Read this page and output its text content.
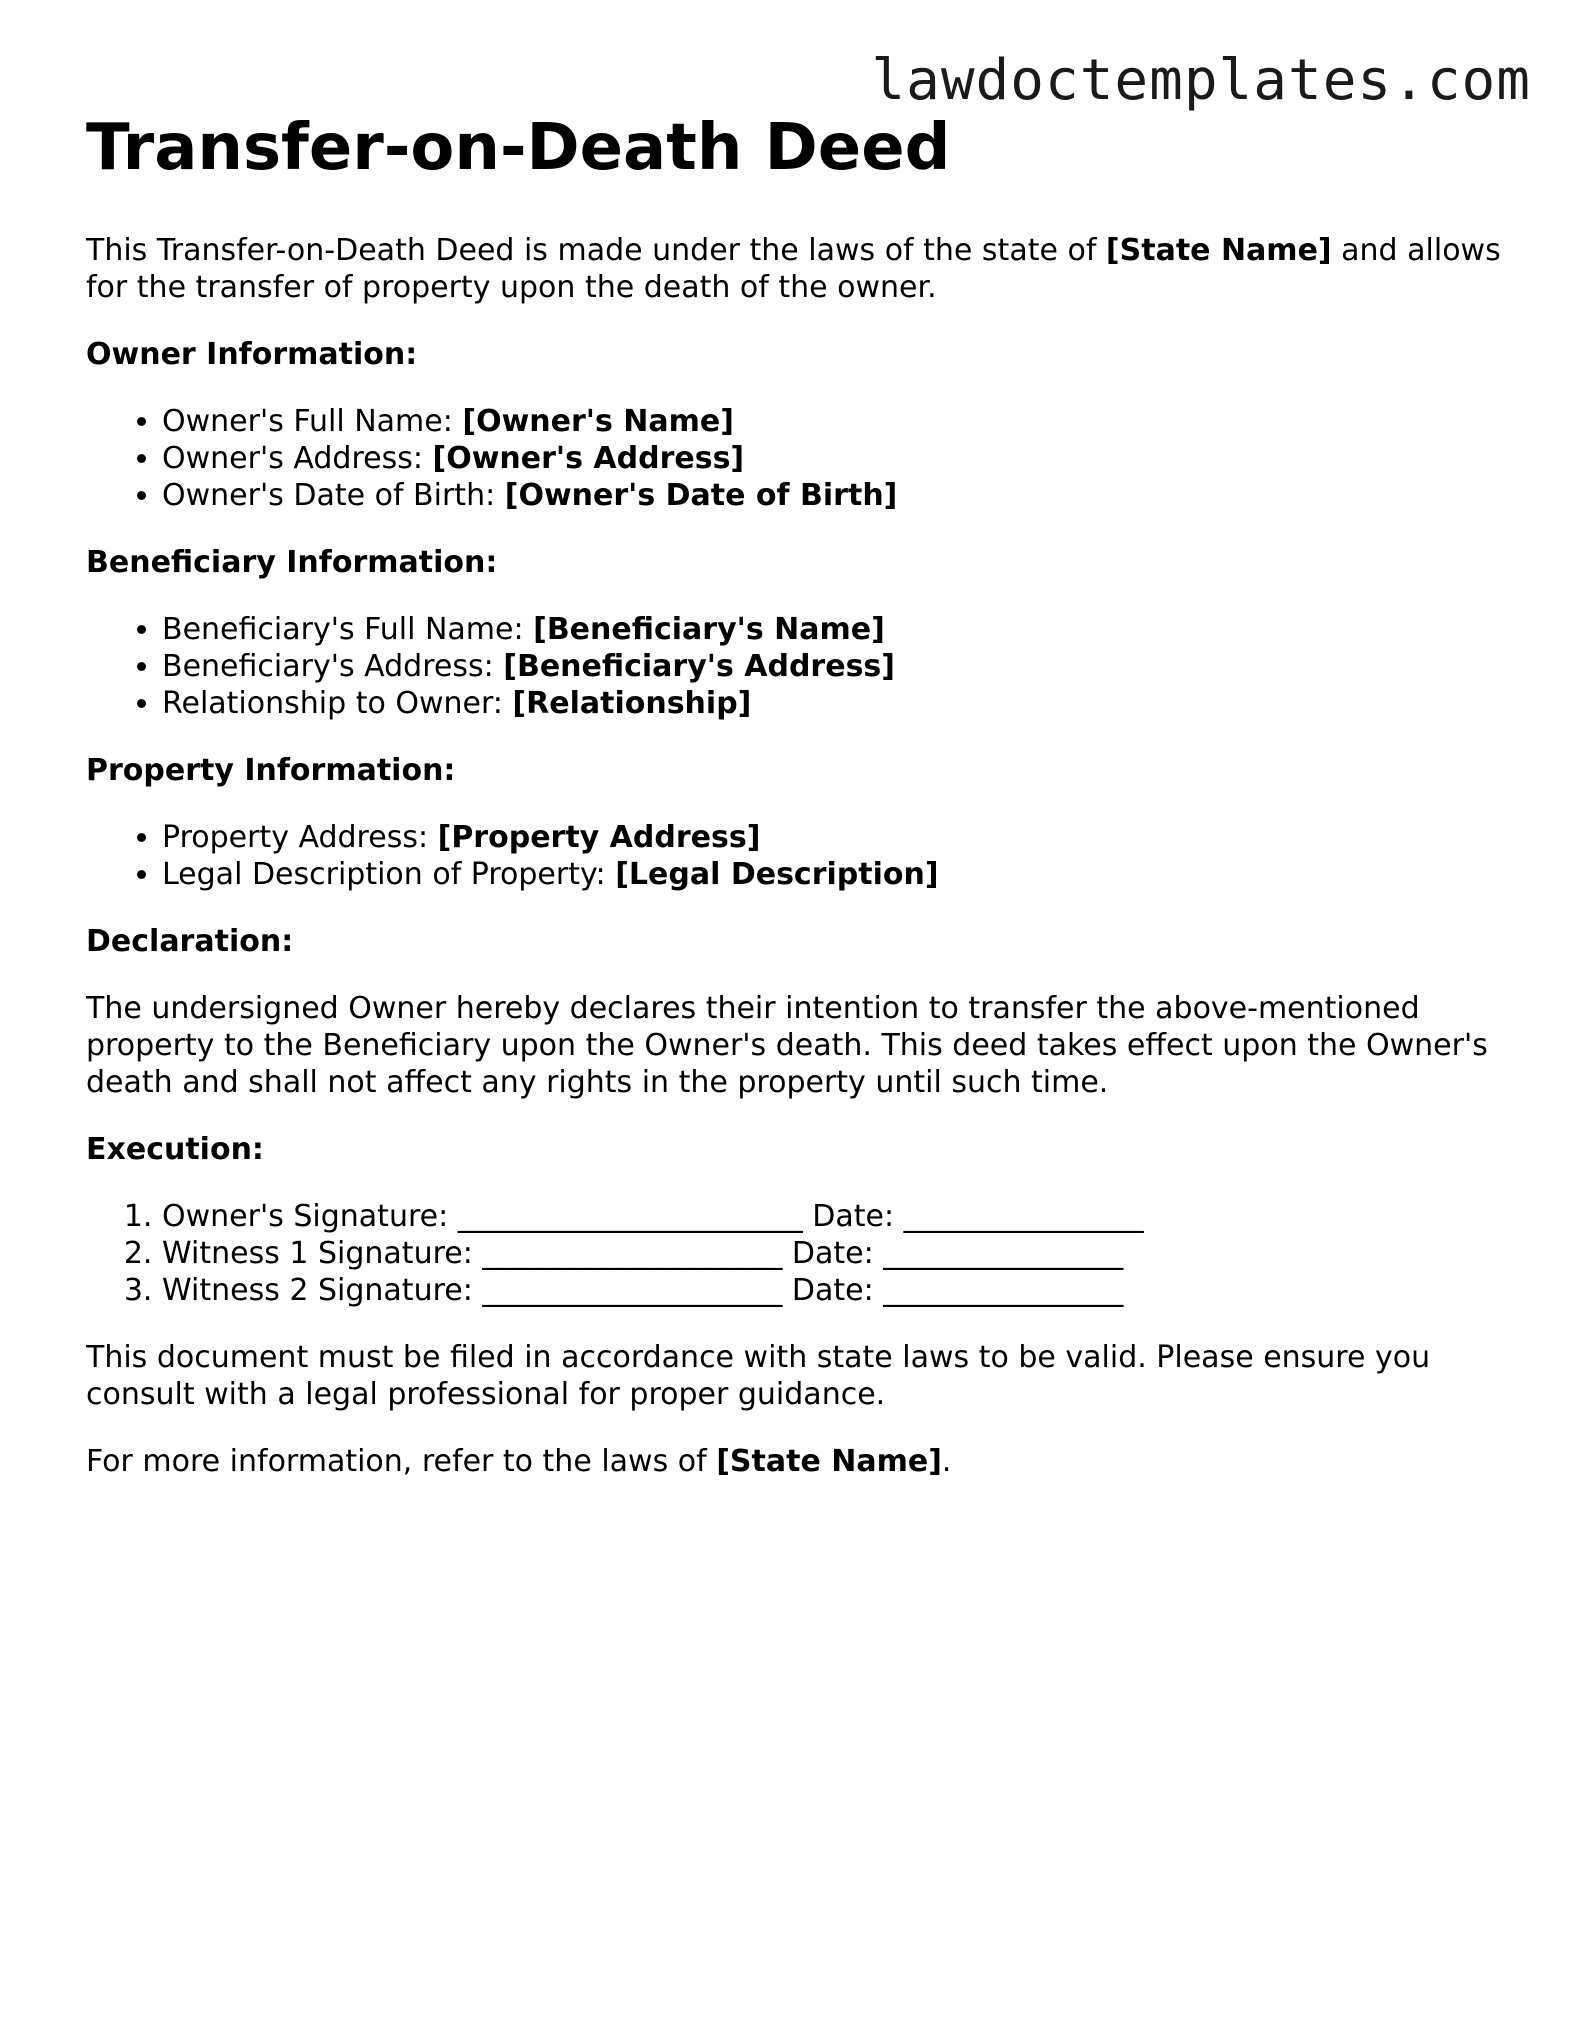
lawdoctemplates.com
Transfer-on-Death Deed

This Transfer-on-Death Deed is made under the laws of the state of [State Name] and allows for the transfer of property upon the death of the owner.

Owner Information:
• Owner's Full Name: [Owner's Name]
• Owner's Address: [Owner's Address]
• Owner's Date of Birth: [Owner's Date of Birth]
Beneficiary Information:
• Beneficiary's Full Name: [Beneficiary's Name]
• Beneficiary's Address: [Beneficiary's Address]
• Relationship to Owner: [Relationship]
Property Information:
• Property Address: [Property Address]
• Legal Description of Property: [Legal Description]
Declaration:

The undersigned Owner hereby declares their intention to transfer the above-mentioned property to the Beneficiary upon the Owner's death. This deed takes effect upon the Owner's death and shall not affect any rights in the property until such time.

Execution:
1. Owner's Signature: _______________________ Date: ________________
2. Witness 1 Signature: ____________________ Date: ________________
3. Witness 2 Signature: ____________________ Date: ________________

This document must be filed in accordance with state laws to be valid. Please ensure you consult with a legal professional for proper guidance.

For more information, refer to the laws of [State Name].
